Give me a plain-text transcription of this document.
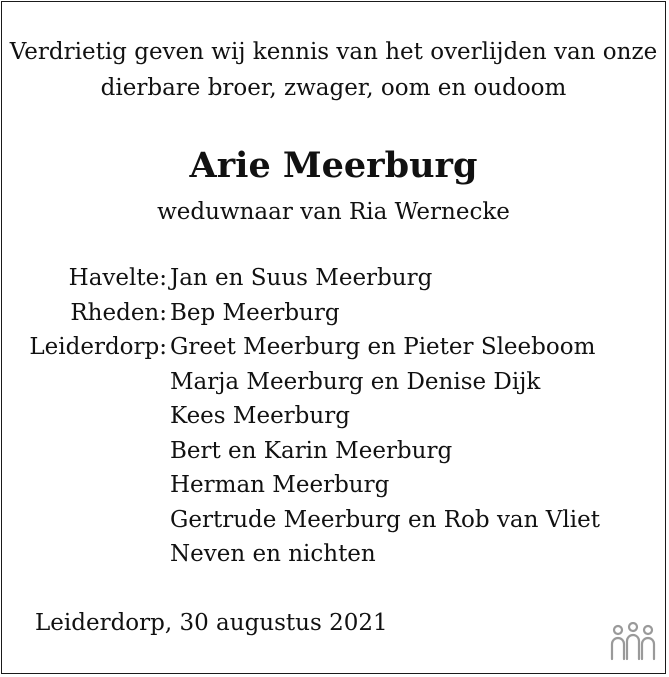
Verdrietig geven wij kennis van het overlijden van onze
dierbare broer, zwager, oom en oudoom
Arie Meerburg
weduwnaar van Ria Wernecke
Havelte: Jan en Suus Meerburg
Rheden: Bep Meerburg
Leiderdorp: Greet Meerburg en Pieter Sleeboom
Marja Meerburg en Denise Dijk
Kees Meerburg
Bert en Karin Meerburg
Herman Meerburg
Gertrude Meerburg en Rob van Vliet
Neven en nichten
Leiderdorp, 30 augustus 2021
